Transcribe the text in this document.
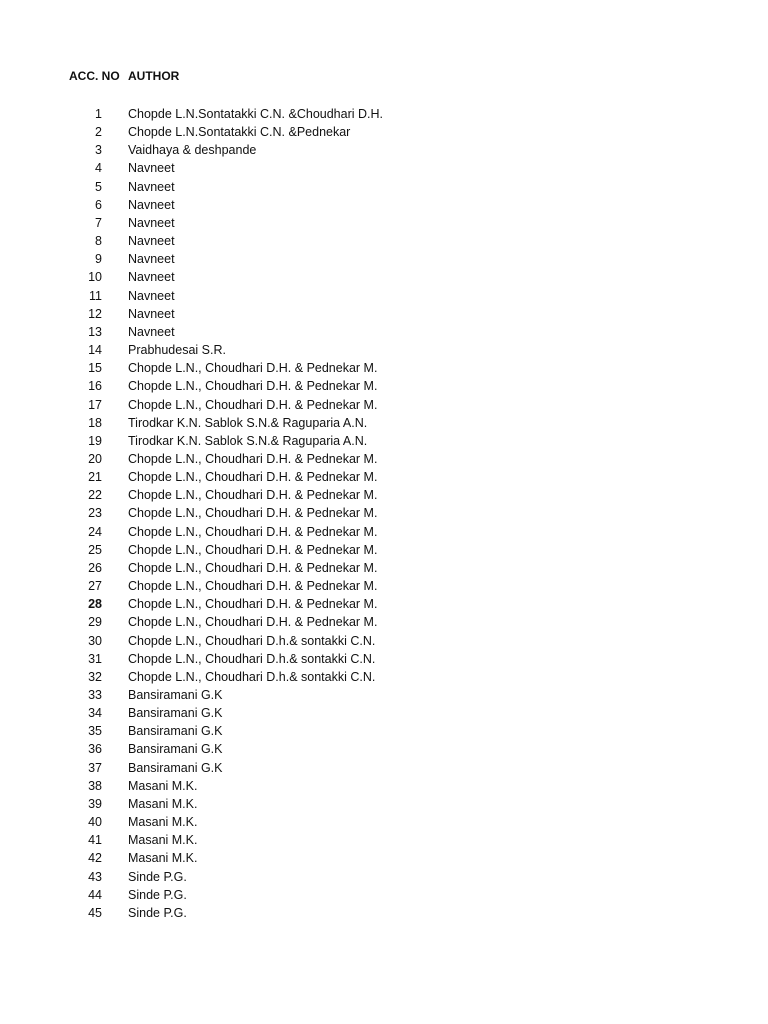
ACC. NO AUTHOR
1 Chopde L.N.Sontatakki C.N. &Choudhari D.H.
2 Chopde L.N.Sontatakki C.N. &Pednekar
3 Vaidhaya & deshpande
4 Navneet
5 Navneet
6 Navneet
7 Navneet
8 Navneet
9 Navneet
10 Navneet
11 Navneet
12 Navneet
13 Navneet
14 Prabhudesai S.R.
15 Chopde L.N., Choudhari D.H. & Pednekar M.
16 Chopde L.N., Choudhari D.H. & Pednekar M.
17 Chopde L.N., Choudhari D.H. & Pednekar M.
18 Tirodkar K.N. Sablok S.N.& Raguparia A.N.
19 Tirodkar K.N. Sablok S.N.& Raguparia A.N.
20 Chopde L.N., Choudhari D.H. & Pednekar M.
21 Chopde L.N., Choudhari D.H. & Pednekar M.
22 Chopde L.N., Choudhari D.H. & Pednekar M.
23 Chopde L.N., Choudhari D.H. & Pednekar M.
24 Chopde L.N., Choudhari D.H. & Pednekar M.
25 Chopde L.N., Choudhari D.H. & Pednekar M.
26 Chopde L.N., Choudhari D.H. & Pednekar M.
27 Chopde L.N., Choudhari D.H. & Pednekar M.
28 Chopde L.N., Choudhari D.H. & Pednekar M.
29 Chopde L.N., Choudhari D.H. & Pednekar M.
30 Chopde L.N., Choudhari D.h.& sontakki C.N.
31 Chopde L.N., Choudhari D.h.& sontakki C.N.
32 Chopde L.N., Choudhari D.h.& sontakki C.N.
33 Bansiramani G.K
34 Bansiramani G.K
35 Bansiramani G.K
36 Bansiramani G.K
37 Bansiramani G.K
38 Masani M.K.
39 Masani M.K.
40 Masani M.K.
41 Masani M.K.
42 Masani M.K.
43 Sinde P.G.
44 Sinde P.G.
45 Sinde P.G.
